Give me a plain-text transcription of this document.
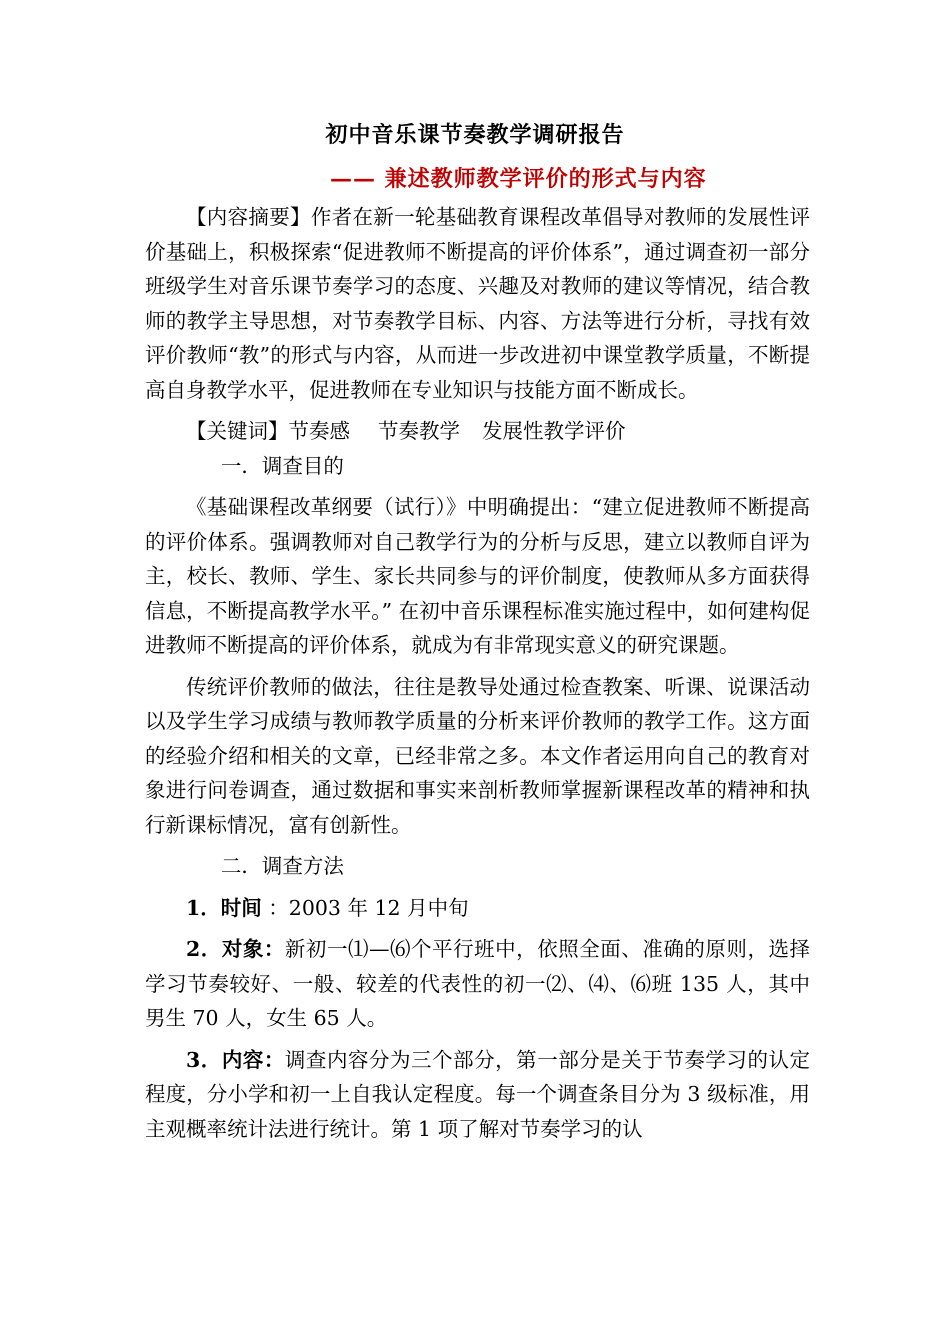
初中音乐课节奏教学调研报告
—— 兼述教师教学评价的形式与内容

【内容摘要】作者在新一轮基础教育课程改革倡导对教师的发展性评价基础上，积极探索“促进教师不断提高的评价体系”，通过调查初一部分班级学生对音乐课节奏学习的态度、兴趣及对教师的建议等情况，结合教师的教学主导思想，对节奏教学目标、内容、方法等进行分析，寻找有效评价教师“教”的形式与内容，从而进一步改进初中课堂教学质量，不断提高自身教学水平，促进教师在专业知识与技能方面不断成长。

【关键词】节奏感 节奏教学 发展性教学评价

一．调查目的

《基础课程改革纲要（试行）》中明确提出：“建立促进教师不断提高的评价体系。强调教师对自己教学行为的分析与反思，建立以教师自评为主，校长、教师、学生、家长共同参与的评价制度，使教师从多方面获得信息，不断提高教学水平。” 在初中音乐课程标准实施过程中，如何建构促进教师不断提高的评价体系，就成为有非常现实意义的研究课题。

传统评价教师的做法，往往是教导处通过检查教案、听课、说课活动以及学生学习成绩与教师教学质量的分析来评价教师的教学工作。这方面的经验介绍和相关的文章，已经非常之多。本文作者运用向自己的教育对象进行问卷调查，通过数据和事实来剖析教师掌握新课程改革的精神和执行新课标情况，富有创新性。

二．调查方法

1．时间 ：2003 年 12 月中旬

2．对象：新初一⑴—⑹个平行班中，依照全面、准确的原则，选择学习节奏较好、一般、较差的代表性的初一⑵、⑷、⑹班 135 人，其中男生 70 人，女生 65 人。

3．内容：调查内容分为三个部分，第一部分是关于节奏学习的认定程度，分小学和初一上自我认定程度。每一个调查条目分为 3 级标准，用主观概率统计法进行统计。第 1 项了解对节奏学习的认
